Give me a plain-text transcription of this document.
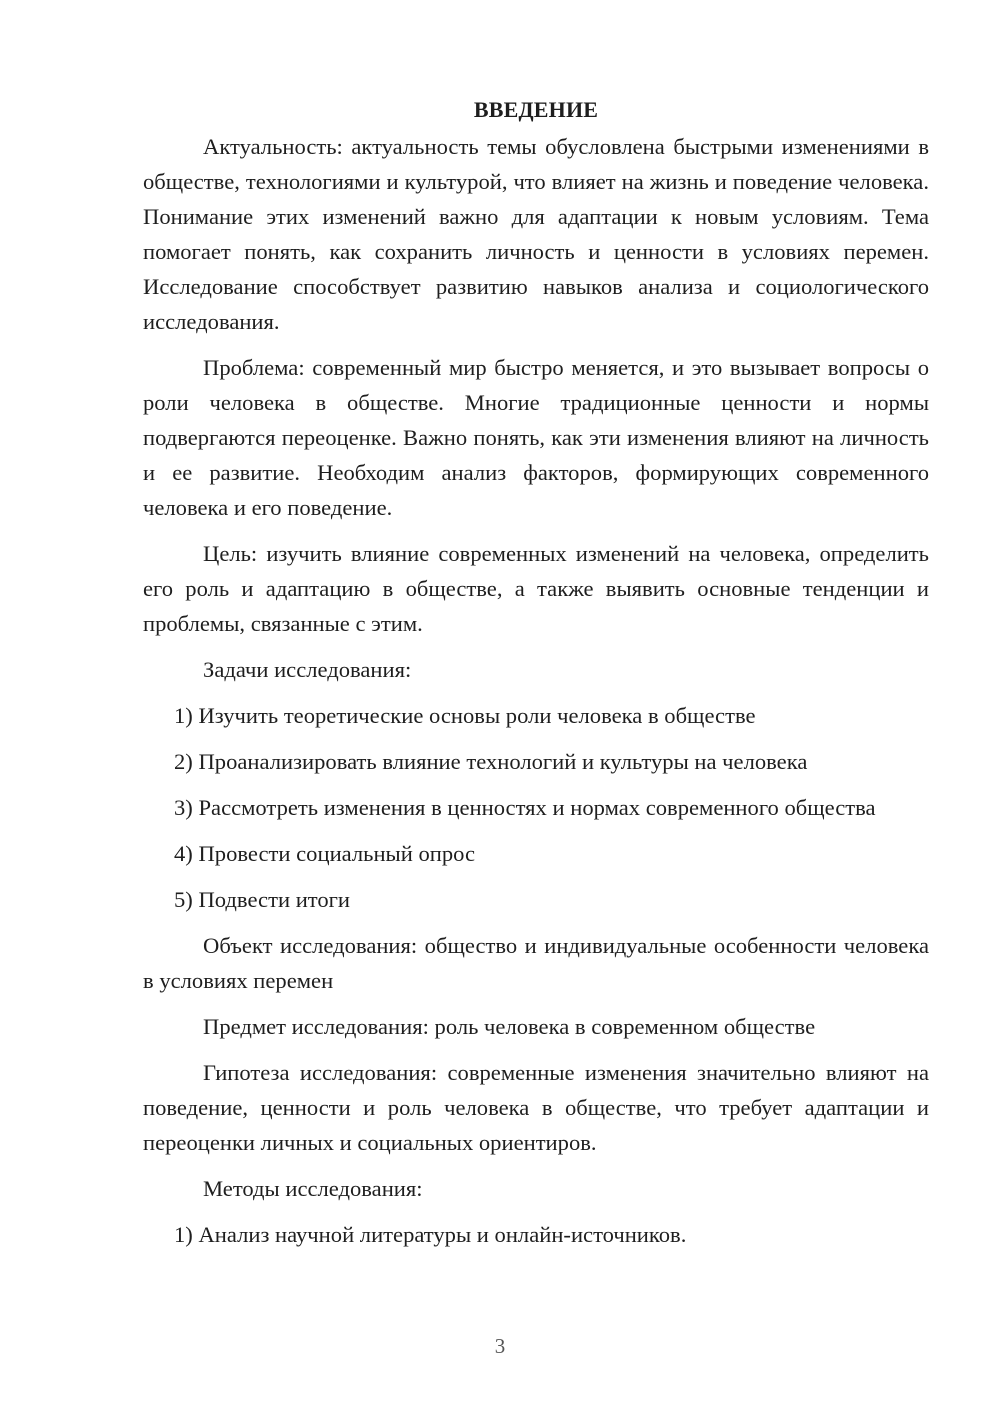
ВВЕДЕНИЕ

Актуальность: актуальность темы обусловлена быстрыми изменениями в обществе, технологиями и культурой, что влияет на жизнь и поведение человека. Понимание этих изменений важно для адаптации к новым условиям. Тема помогает понять, как сохранить личность и ценности в условиях перемен. Исследование способствует развитию навыков анализа и социологического исследования.

Проблема: современный мир быстро меняется, и это вызывает вопросы о роли человека в обществе. Многие традиционные ценности и нормы подвергаются переоценке. Важно понять, как эти изменения влияют на личность и ее развитие. Необходим анализ факторов, формирующих современного человека и его поведение.

Цель: изучить влияние современных изменений на человека, определить его роль и адаптацию в обществе, а также выявить основные тенденции и проблемы, связанные с этим.

Задачи исследования:

1) Изучить теоретические основы роли человека в обществе

2) Проанализировать влияние технологий и культуры на человека

3) Рассмотреть изменения в ценностях и нормах современного общества

4) Провести социальный опрос

5) Подвести итоги

Объект исследования: общество и индивидуальные особенности человека в условиях перемен

Предмет исследования: роль человека в современном обществе

Гипотеза исследования: современные изменения значительно влияют на поведение, ценности и роль человека в обществе, что требует адаптации и переоценки личных и социальных ориентиров.

Методы исследования:

1) Анализ научной литературы и онлайн-источников.

3
